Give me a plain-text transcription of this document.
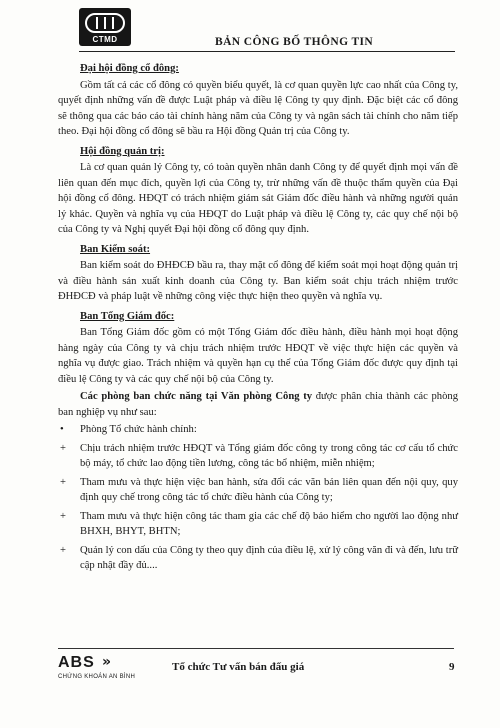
CTMD	BẢN CÔNG BỐ THÔNG TIN
Đại hội đồng cổ đông:
Gồm tất cả các cổ đông có quyền biểu quyết, là cơ quan quyền lực cao nhất của Công ty, quyết định những vấn đề được Luật pháp và điều lệ Công ty quy định. Đặc biệt các cổ đông sẽ thông qua các báo cáo tài chính hàng năm của Công ty và ngân sách tài chính cho năm tiếp theo. Đại hội đồng cổ đông sẽ bầu ra Hội đồng Quản trị của Công ty.
Hội đồng quản trị:
Là cơ quan quản lý Công ty, có toàn quyền nhân danh Công ty để quyết định mọi vấn đề liên quan đến mục đích, quyền lợi của Công ty, trừ những vấn đề thuộc thẩm quyền của Đại hội đồng cổ đông. HĐQT có trách nhiệm giám sát Giám đốc điều hành và những người quản lý khác. Quyền và nghĩa vụ của HĐQT do Luật pháp và điều lệ Công ty, các quy chế nội bộ của Công ty và Nghị quyết Đại hội đồng cổ đông quy định.
Ban Kiểm soát:
Ban kiểm soát do ĐHĐCĐ bầu ra, thay mặt cổ đông để kiểm soát mọi hoạt động quản trị và điều hành sản xuất kinh doanh của Công ty. Ban kiểm soát chịu trách nhiệm trước ĐHĐCĐ và pháp luật về những công việc thực hiện theo quyền và nghĩa vụ.
Ban Tổng Giám đốc:
Ban Tổng Giám đốc gồm có một Tổng Giám đốc điều hành, điều hành mọi hoạt động hàng ngày của Công ty và chịu trách nhiệm trước HĐQT về việc thực hiện các quyền và nghĩa vụ được giao. Trách nhiệm và quyền hạn cụ thể của Tổng Giám đốc được quy định tại điều lệ Công ty và các quy chế nội bộ của Công ty.
Các phòng ban chức năng tại Văn phòng Công ty được phân chia thành các phòng ban nghiệp vụ như sau:
• Phòng Tổ chức hành chính:
+ Chịu trách nhiệm trước HĐQT và Tổng giám đốc công ty trong công tác cơ cấu tổ chức bộ máy, tổ chức lao động tiền lương, công tác bổ nhiệm, miễn nhiệm;
+ Tham mưu và thực hiện việc ban hành, sửa đổi các văn bản liên quan đến nội quy, quy định quy chế trong công tác tổ chức điều hành của Công ty;
+ Tham mưu và thực hiện công tác tham gia các chế độ bảo hiểm cho người lao động như BHXH, BHYT, BHTN;
+ Quản lý con dấu của Công ty theo quy định của điều lệ, xử lý công văn đi và đến, lưu trữ cập nhật đầy đủ....
ABS »
CHỨNG KHOÁN AN BÌNH
Tổ chức Tư vấn bán đấu giá	9
